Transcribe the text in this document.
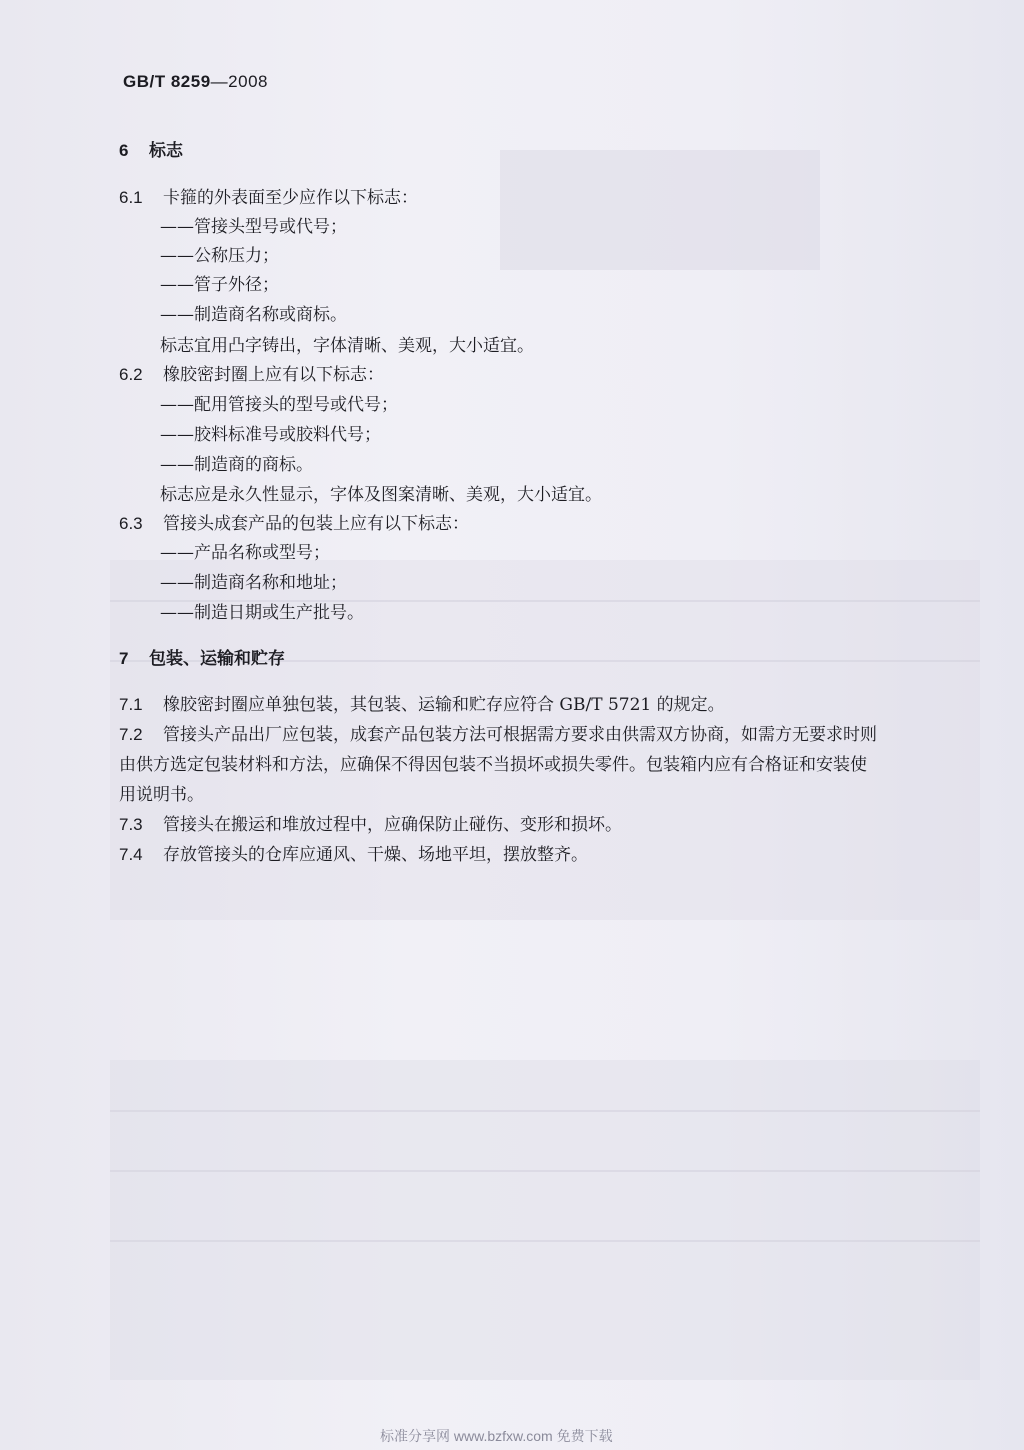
GB/T 8259—2008
6 标志
6.1 卡箍的外表面至少应作以下标志：
——管接头型号或代号；
——公称压力；
——管子外径；
——制造商名称或商标。
标志宜用凸字铸出，字体清晰、美观，大小适宜。
6.2 橡胶密封圈上应有以下标志：
——配用管接头的型号或代号；
——胶料标准号或胶料代号；
——制造商的商标。
标志应是永久性显示，字体及图案清晰、美观，大小适宜。
6.3 管接头成套产品的包装上应有以下标志：
——产品名称或型号；
——制造商名称和地址；
——制造日期或生产批号。
7 包装、运输和贮存
7.1 橡胶密封圈应单独包装，其包装、运输和贮存应符合 GB/T 5721 的规定。
7.2 管接头产品出厂应包装，成套产品包装方法可根据需方要求由供需双方协商，如需方无要求时则
由供方选定包装材料和方法，应确保不得因包装不当损坏或损失零件。包装箱内应有合格证和安装使
用说明书。
7.3 管接头在搬运和堆放过程中，应确保防止碰伤、变形和损坏。
7.4 存放管接头的仓库应通风、干燥、场地平坦，摆放整齐。
标准分享网 www.bzfxw.com 免费下载
